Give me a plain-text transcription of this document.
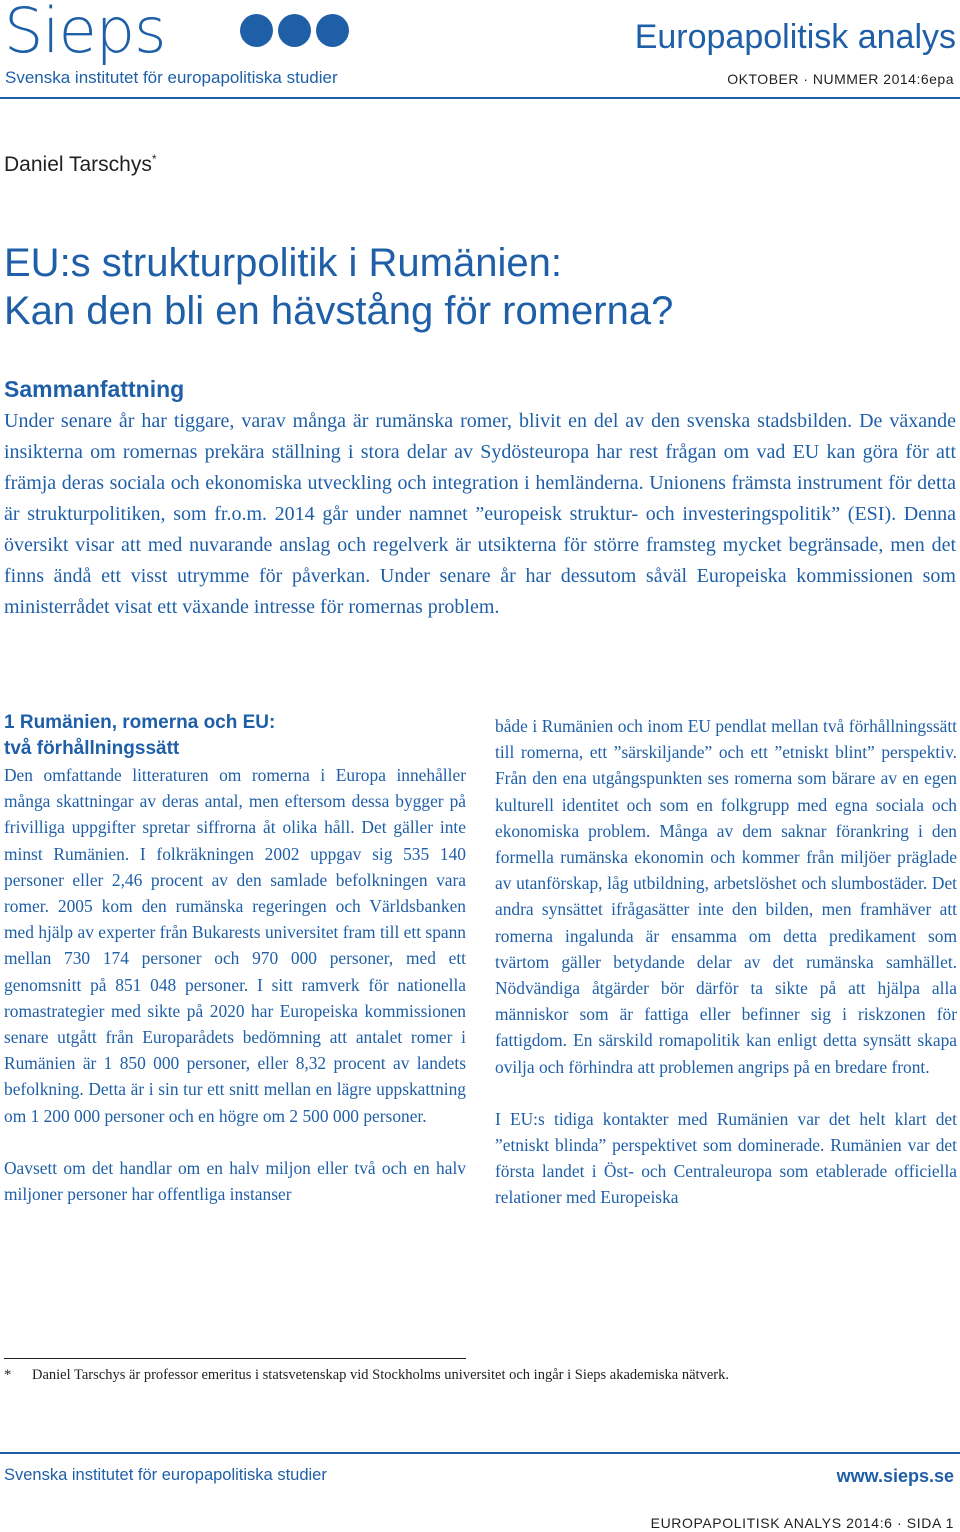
Sieps
Svenska institutet för europapolitiska studier
Europapolitisk analys
OKTOBER · NUMMER 2014:6epa
Daniel Tarschys*
EU:s strukturpolitik i Rumänien:
Kan den bli en hävstång för romerna?
Sammanfattning
Under senare år har tiggare, varav många är rumänska romer, blivit en del av den svenska stadsbilden. De växande insikterna om romernas prekära ställning i stora delar av Sydösteuropa har rest frågan om vad EU kan göra för att främja deras sociala och ekonomiska utveckling och integration i hemländerna. Unionens främsta instrument för detta är strukturpolitiken, som fr.o.m. 2014 går under namnet ”europeisk struktur- och investeringspolitik” (ESI). Denna översikt visar att med nuvarande anslag och regelverk är utsikterna för större framsteg mycket begränsade, men det finns ändå ett visst utrymme för påverkan. Under senare år har dessutom såväl Europeiska kommissionen som ministerrådet visat ett växande intresse för romernas problem.
1 Rumänien, romerna och EU:
två förhållningssätt

Den omfattande litteraturen om romerna i Europa innehåller många skattningar av deras antal, men eftersom dessa bygger på frivilliga uppgifter spretar siffrorna åt olika håll. Det gäller inte minst Rumänien. I folkräkningen 2002 uppgav sig 535 140 personer eller 2,46 procent av den samlade befolkningen vara romer. 2005 kom den rumänska regeringen och Världsbanken med hjälp av experter från Bukarests universitet fram till ett spann mellan 730 174 personer och 970 000 personer, med ett genomsnitt på 851 048 personer. I sitt ramverk för nationella romastrategier med sikte på 2020 har Europeiska kommissionen senare utgått från Europarådets bedömning att antalet romer i Rumänien är 1 850 000 personer, eller 8,32 procent av landets befolkning. Detta är i sin tur ett snitt mellan en lägre uppskattning om 1 200 000 personer och en högre om 2 500 000 personer.

Oavsett om det handlar om en halv miljon eller två och en halv miljoner personer har offentliga instanser

både i Rumänien och inom EU pendlat mellan två förhållningssätt till romerna, ett ”särskiljande” och ett ”etniskt blint” perspektiv. Från den ena utgångspunkten ses romerna som bärare av en egen kulturell identitet och som en folkgrupp med egna sociala och ekonomiska problem. Många av dem saknar förankring i den formella rumänska ekonomin och kommer från miljöer präglade av utanförskap, låg utbildning, arbetslöshet och slumbostäder. Det andra synsättet ifrågasätter inte den bilden, men framhäver att romerna ingalunda är ensamma om detta predikament som tvärtom gäller betydande delar av det rumänska samhället. Nödvändiga åtgärder bör därför ta sikte på att hjälpa alla människor som är fattiga eller befinner sig i riskzonen för fattigdom. En särskild romapolitik kan enligt detta synsätt skapa ovilja och förhindra att problemen angrips på en bredare front.

I EU:s tidiga kontakter med Rumänien var det helt klart det ”etniskt blinda” perspektivet som dominerade. Rumänien var det första landet i Öst- och Centraleuropa som etablerade officiella relationer med Europeiska

* Daniel Tarschys är professor emeritus i statsvetenskap vid Stockholms universitet och ingår i Sieps akademiska nätverk.
Svenska institutet för europapolitiska studier	www.sieps.se
EUROPAPOLITISK ANALYS 2014:6 · SIDA 1
